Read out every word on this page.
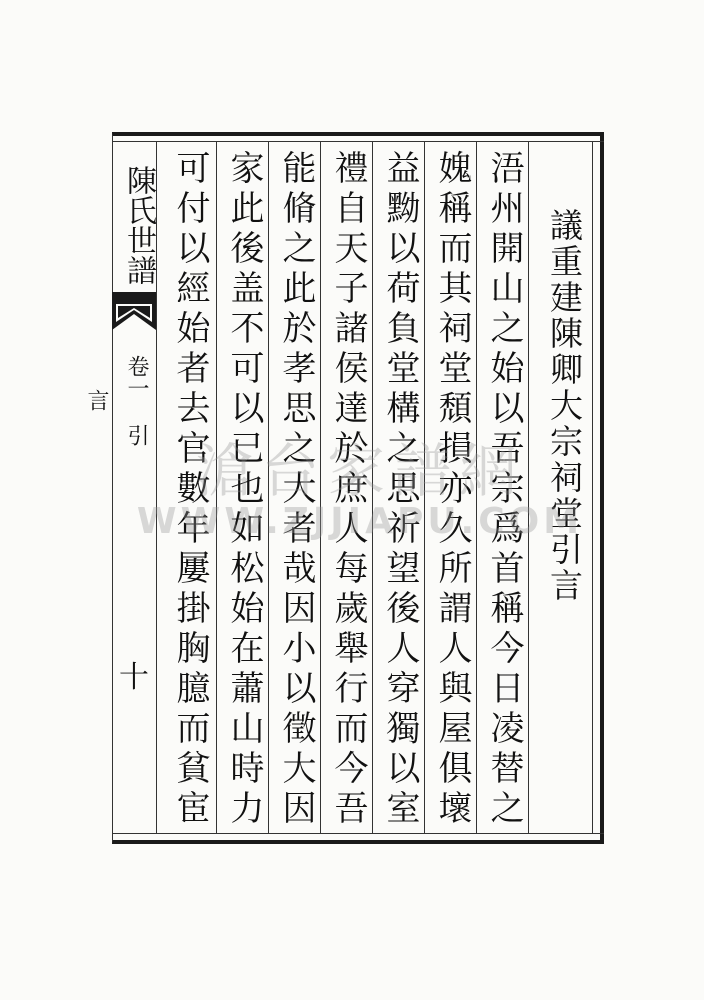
陳氏世譜
卷一 引言
十
議重建陳卿大宗祠堂引言
浯州開山之始以吾宗爲首稱今日凌替之
媿稱而其祠堂頹損亦久所謂人與屋俱壞
益黝以荷負堂構之思祈望後人穿獨以室
禮自天子諸侯達於庶人每歲舉行而今吾
能脩之此於孝思之大者哉因小以徵大因
家此後盖不可以已也如松始在蕭山時力
可付以經始者去官數年屢掛胸臆而貧宦
滄台家譜網
WWW.ZJJIAPU.COM
